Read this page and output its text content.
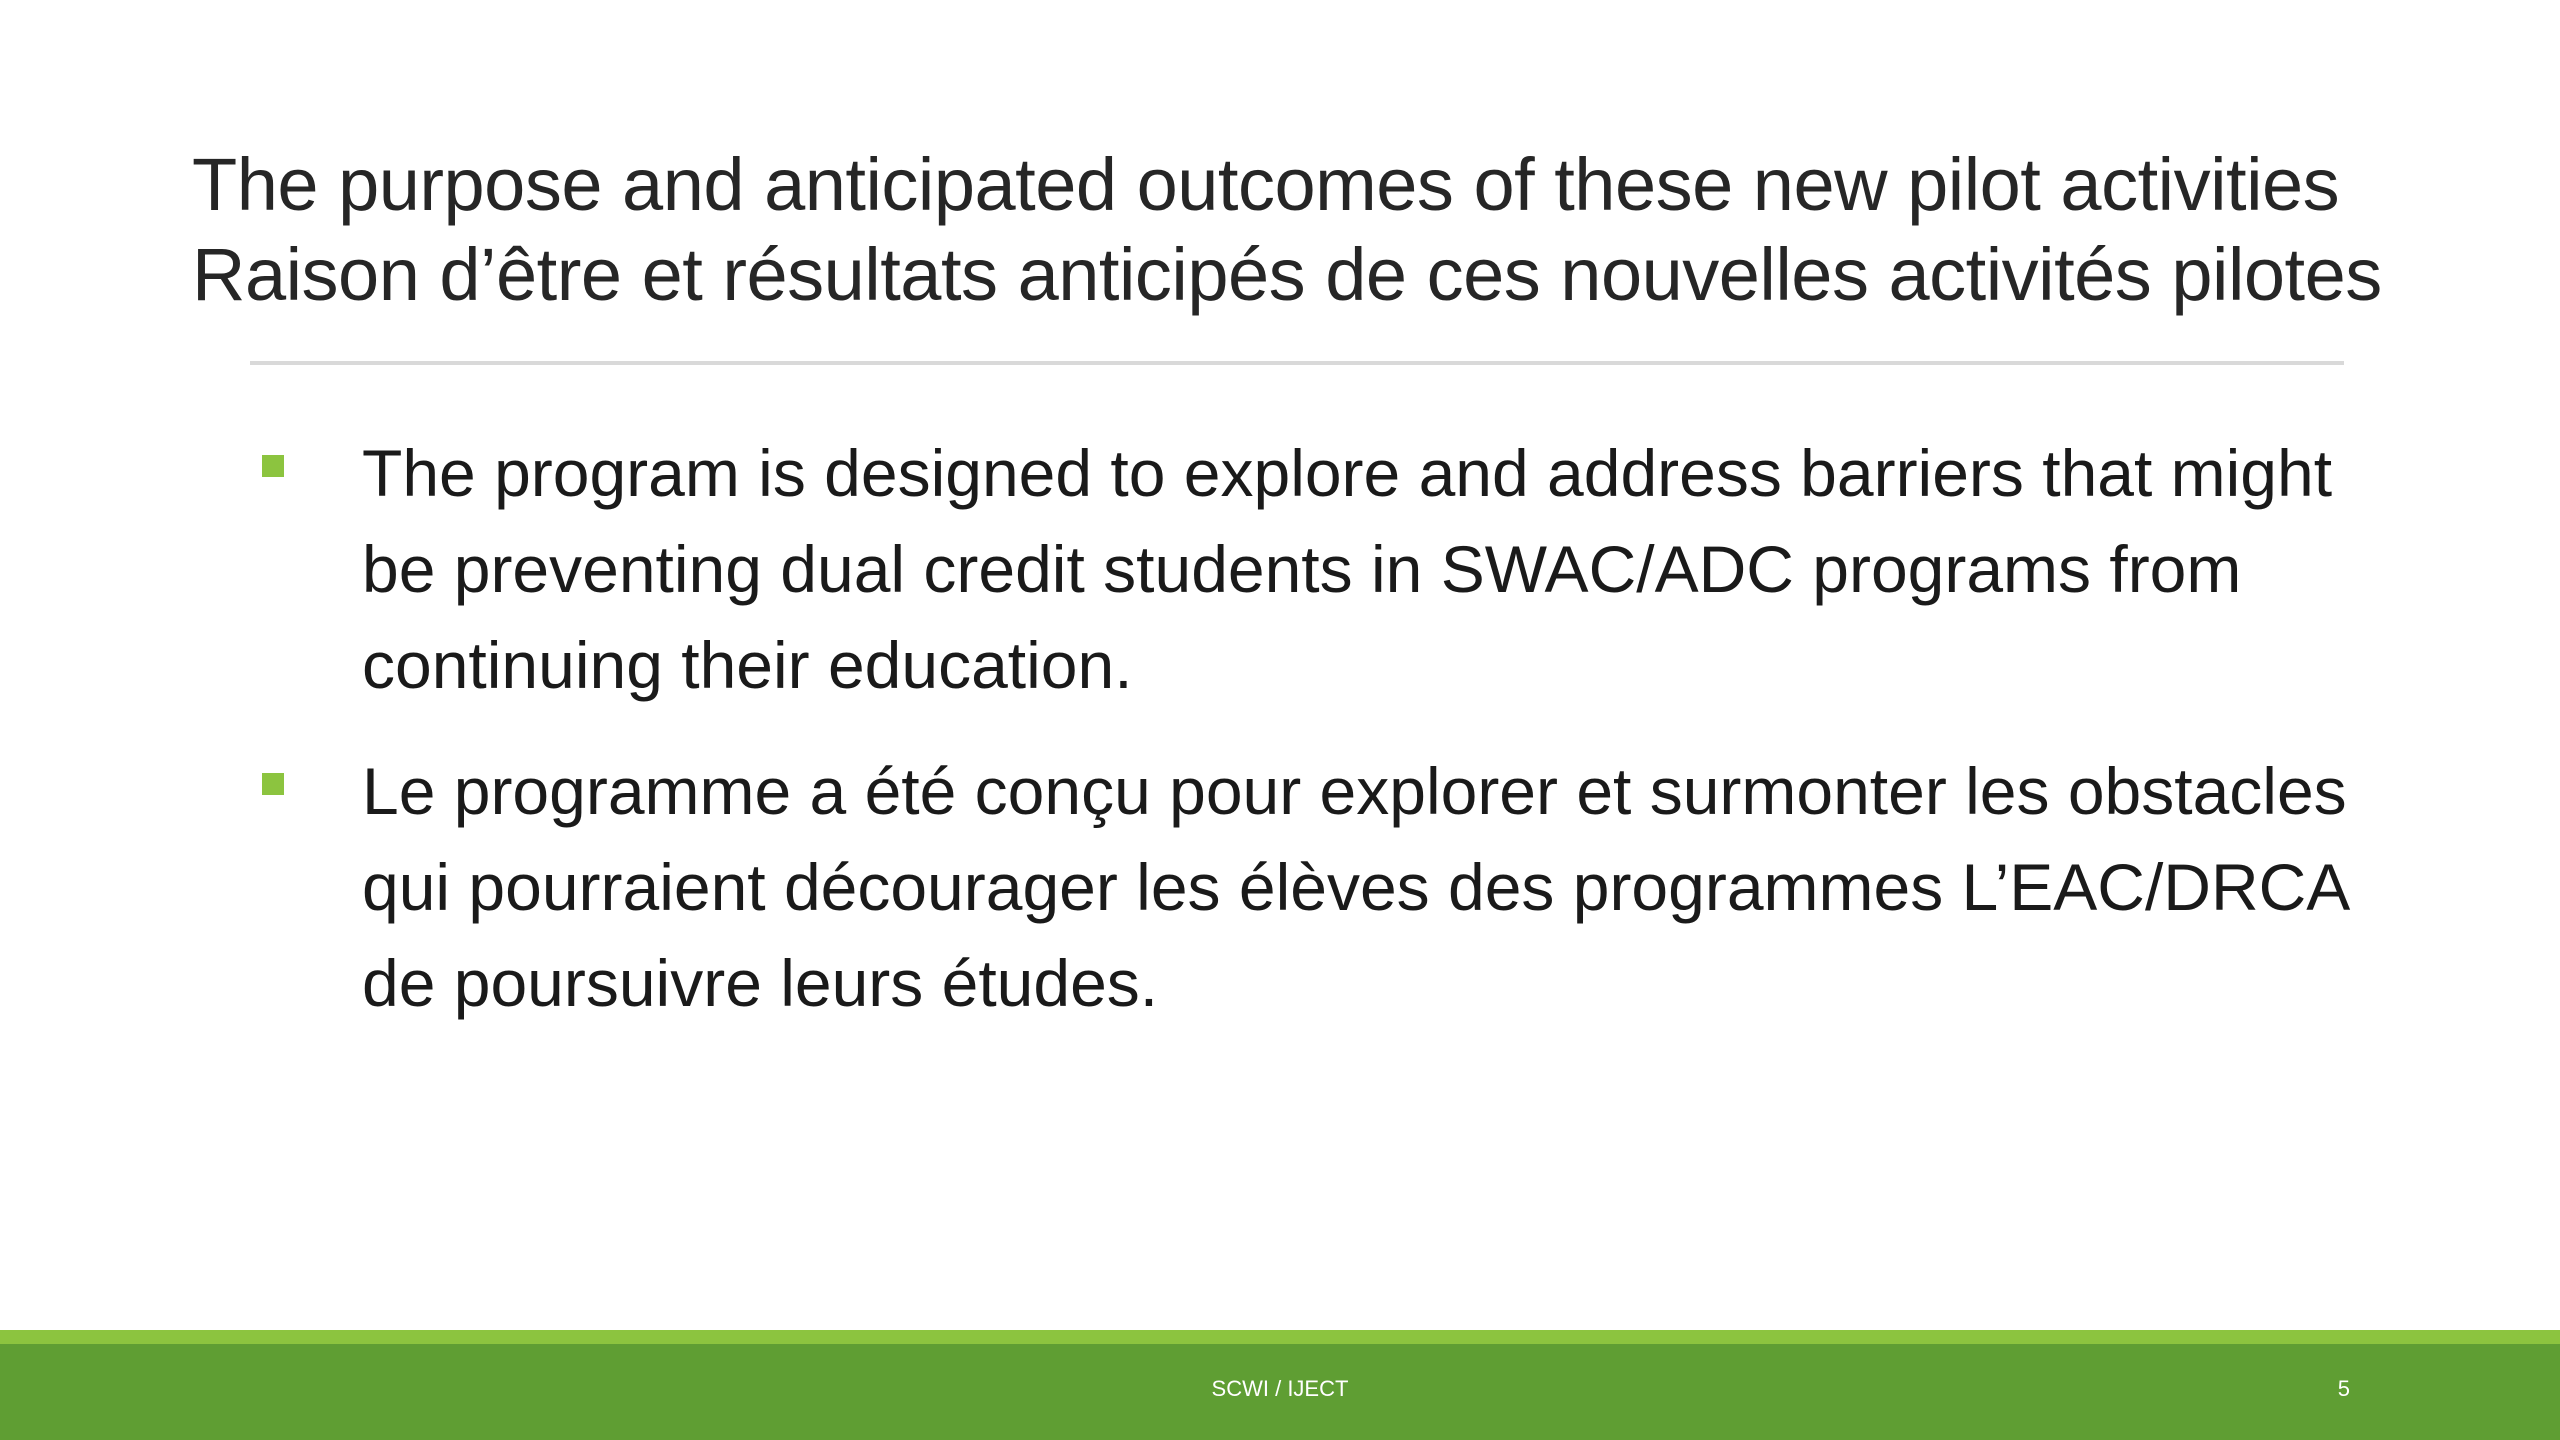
The purpose and anticipated outcomes of these new pilot activities
Raison d’être et résultats anticipés de ces nouvelles activités pilotes
The program is designed to explore and address barriers that might be preventing dual credit students in SWAC/ADC programs from continuing their education.
Le programme a été conçu pour explorer et surmonter les obstacles qui pourraient décourager les élèves des programmes L’EAC/DRCA de poursuivre leurs études.
SCWI / IJECT	5
